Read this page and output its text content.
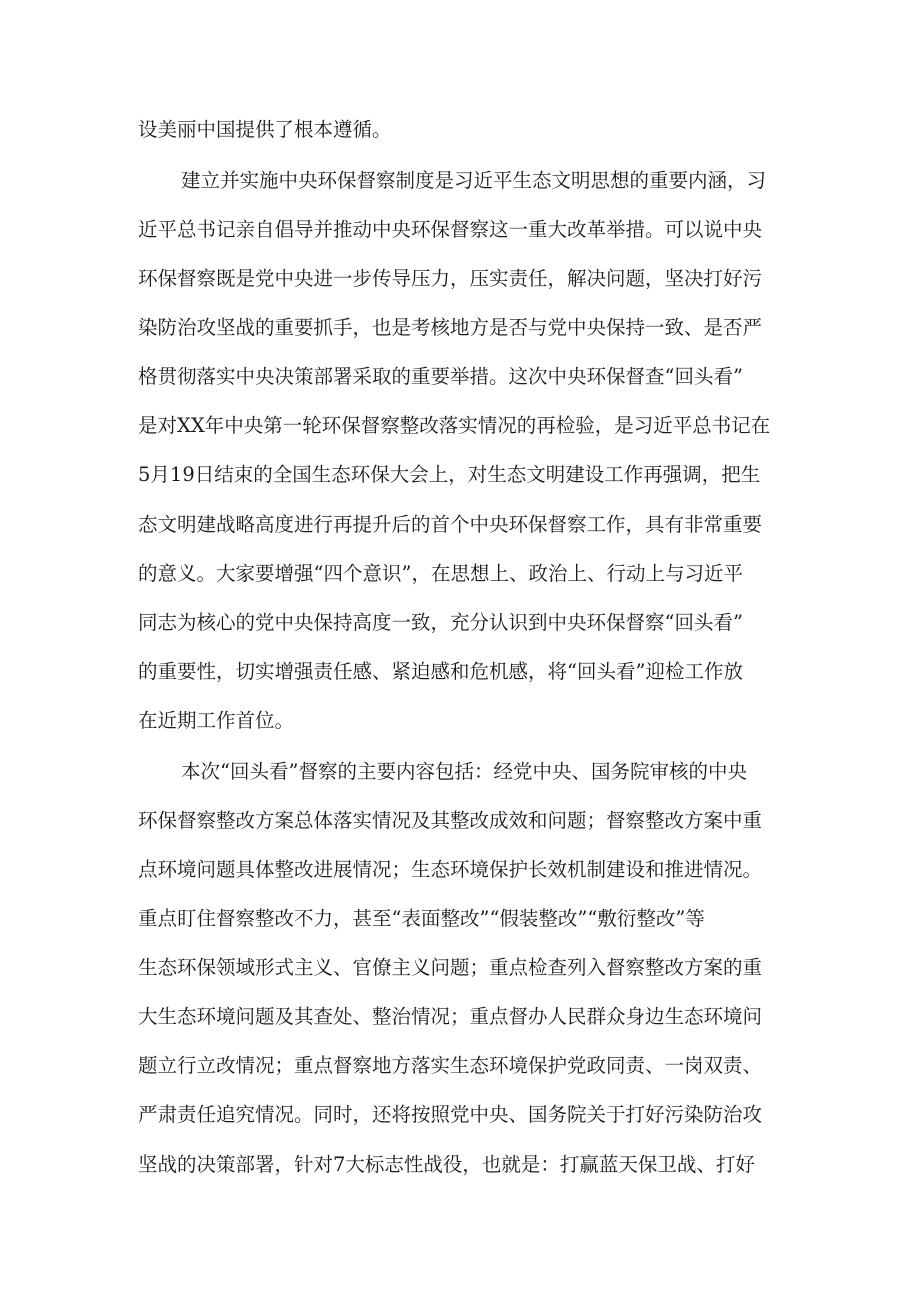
设美丽中国提供了根本遵循。
建立并实施中央环保督察制度是习近平生态文明思想的重要内涵，习
近平总书记亲自倡导并推动中央环保督察这一重大改革举措。可以说中央
环保督察既是党中央进一步传导压力，压实责任，解决问题，坚决打好污
染防治攻坚战的重要抓手，也是考核地方是否与党中央保持一致、是否严
格贯彻落实中央决策部署采取的重要举措。这次中央环保督查“回头看”
是对XX年中央第一轮环保督察整改落实情况的再检验，是习近平总书记在
5月19日结束的全国生态环保大会上，对生态文明建设工作再强调，把生
态文明建战略高度进行再提升后的首个中央环保督察工作，具有非常重要
的意义。大家要增强“四个意识”，在思想上、政治上、行动上与习近平
同志为核心的党中央保持高度一致，充分认识到中央环保督察“回头看”
的重要性，切实增强责任感、紧迫感和危机感，将“回头看”迎检工作放
在近期工作首位。
本次“回头看”督察的主要内容包括：经党中央、国务院审核的中央
环保督察整改方案总体落实情况及其整改成效和问题；督察整改方案中重
点环境问题具体整改进展情况；生态环境保护长效机制建设和推进情况。
重点盯住督察整改不力，甚至“表面整改”“假装整改”“敷衍整改”等
生态环保领域形式主义、官僚主义问题；重点检查列入督察整改方案的重
大生态环境问题及其查处、整治情况；重点督办人民群众身边生态环境问
题立行立改情况；重点督察地方落实生态环境保护党政同责、一岗双责、
严肃责任追究情况。同时，还将按照党中央、国务院关于打好污染防治攻
坚战的决策部署，针对7大标志性战役，也就是：打赢蓝天保卫战、打好
